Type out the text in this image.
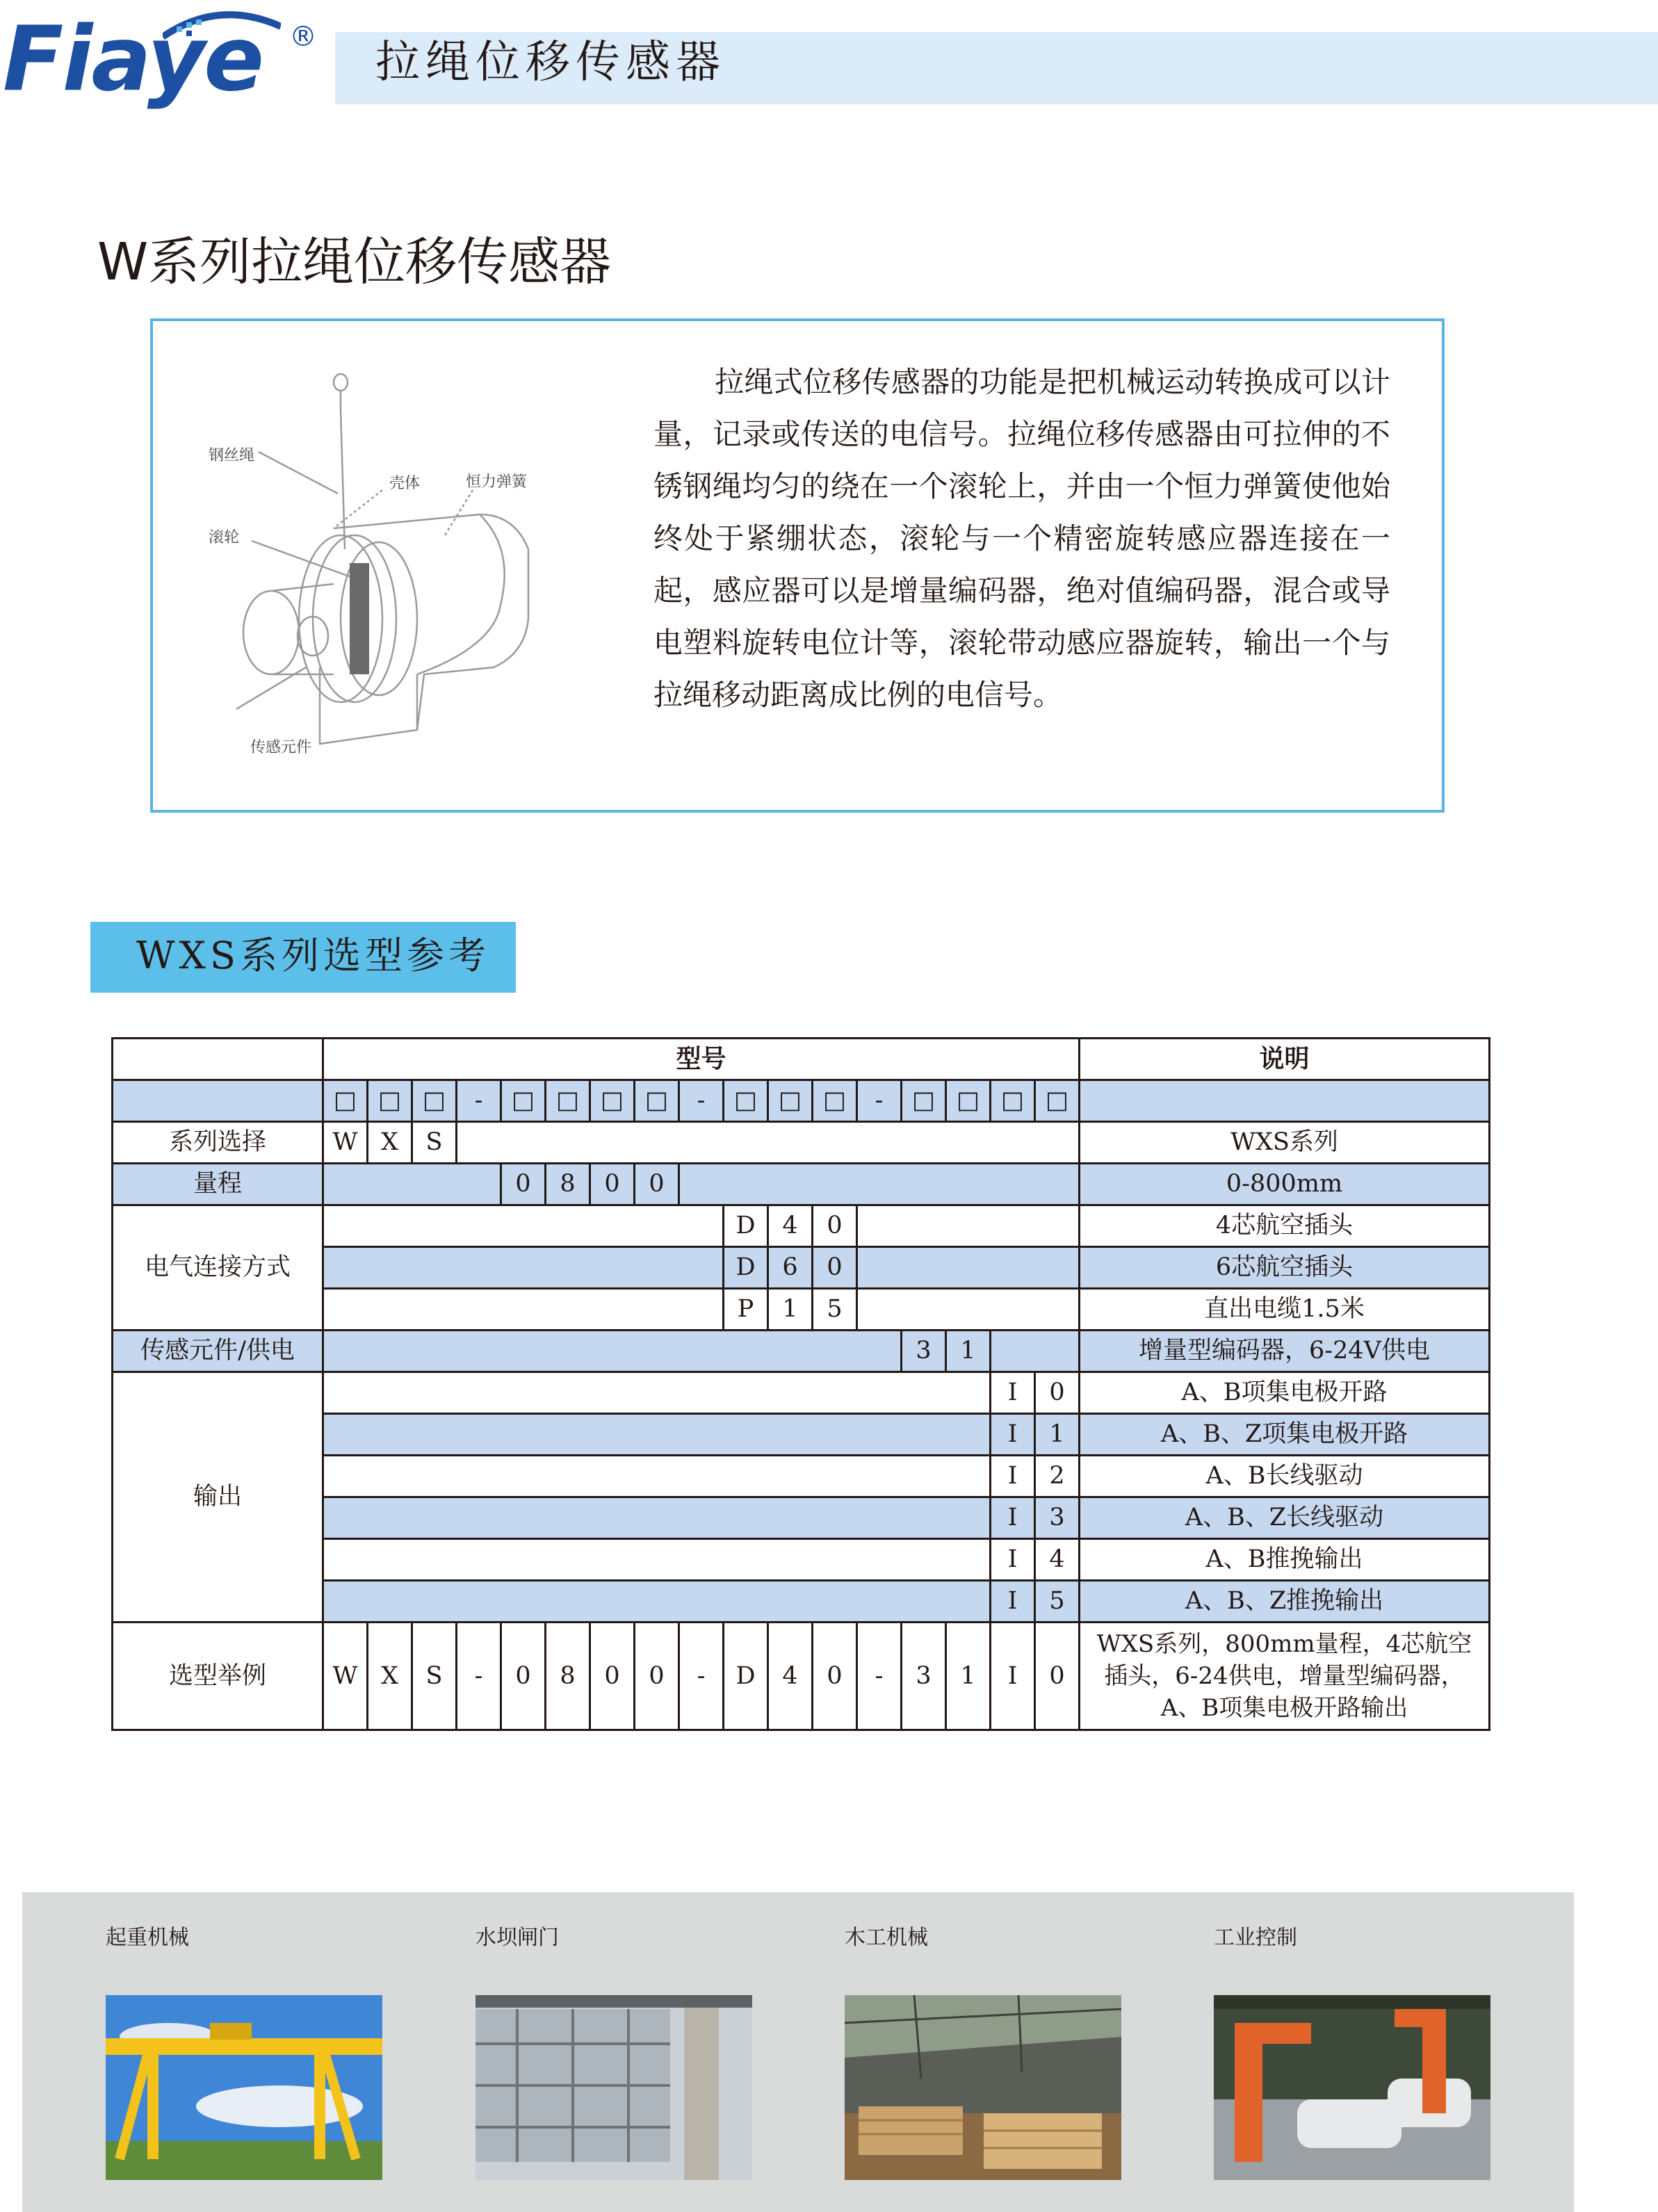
Fiaye ® 拉绳位移传感器
W系列拉绳位移传感器
钢丝绳
壳体	恒力弹簧
滚轮
传感元件
拉绳式位移传感器的功能是把机械运动转换成可以计量，记录或传送的电信号。拉绳位移传感器由可拉伸的不锈钢绳均匀的绕在一个滚轮上，并由一个恒力弹簧使他始终处于紧绷状态，滚轮与一个精密旋转感应器连接在一起，感应器可以是增量编码器，绝对值编码器，混合或导电塑料旋转电位计等，滚轮带动感应器旋转，输出一个与拉绳移动距离成比例的电信号。
WXS系列选型参考
	型号																	说明
	□	□	□	-	□	□	□	□	-	□	□	□	-	□	□	□	□	
系列选择	W	X	S															WXS系列
量程					0	8	0	0										0-800mm
电气连接方式										D	4	0						4芯航空插头
										D	6	0						6芯航空插头
										P	1	5						直出电缆1.5米
传感元件/供电														3	1			增量型编码器，6-24V供电
输出																I	0	A、B项集电极开路
																I	1	A、B、Z项集电极开路
																I	2	A、B长线驱动
																I	3	A、B、Z长线驱动
																I	4	A、B推挽输出
																I	5	A、B、Z推挽输出
选型举例	W	X	S	-	0	8	0	0	-	D	4	0	-	3	1	I	0	WXS系列，800mm量程，4芯航空插头，6-24供电，增量型编码器，A、B项集电极开路输出
起重机械	水坝闸门	木工机械	工业控制
